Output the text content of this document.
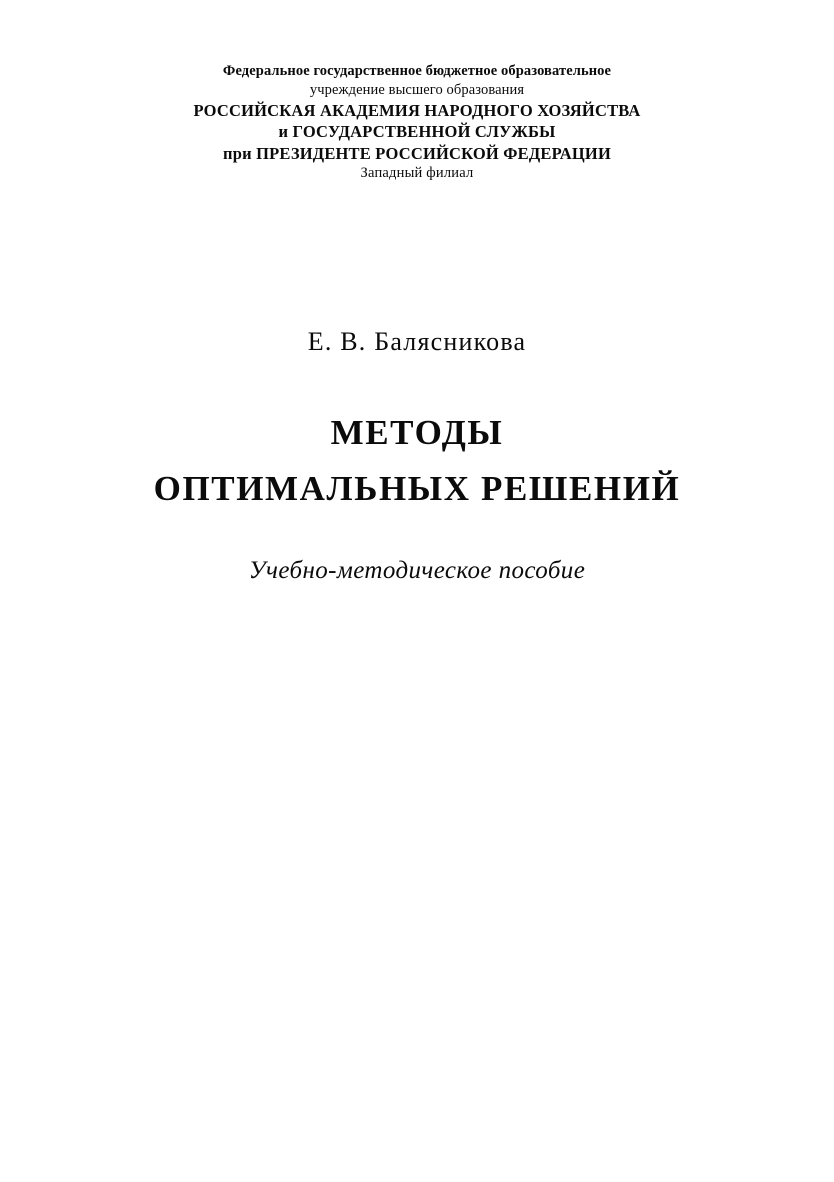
Федеральное государственное бюджетное образовательное
учреждение высшего образования
РОССИЙСКАЯ АКАДЕМИЯ НАРОДНОГО ХОЗЯЙСТВА
и ГОСУДАРСТВЕННОЙ СЛУЖБЫ
при ПРЕЗИДЕНТЕ РОССИЙСКОЙ ФЕДЕРАЦИИ
Западный филиал
Е. В. Балясникова
МЕТОДЫ
ОПТИМАЛЬНЫХ РЕШЕНИЙ
Учебно-методическое пособие
